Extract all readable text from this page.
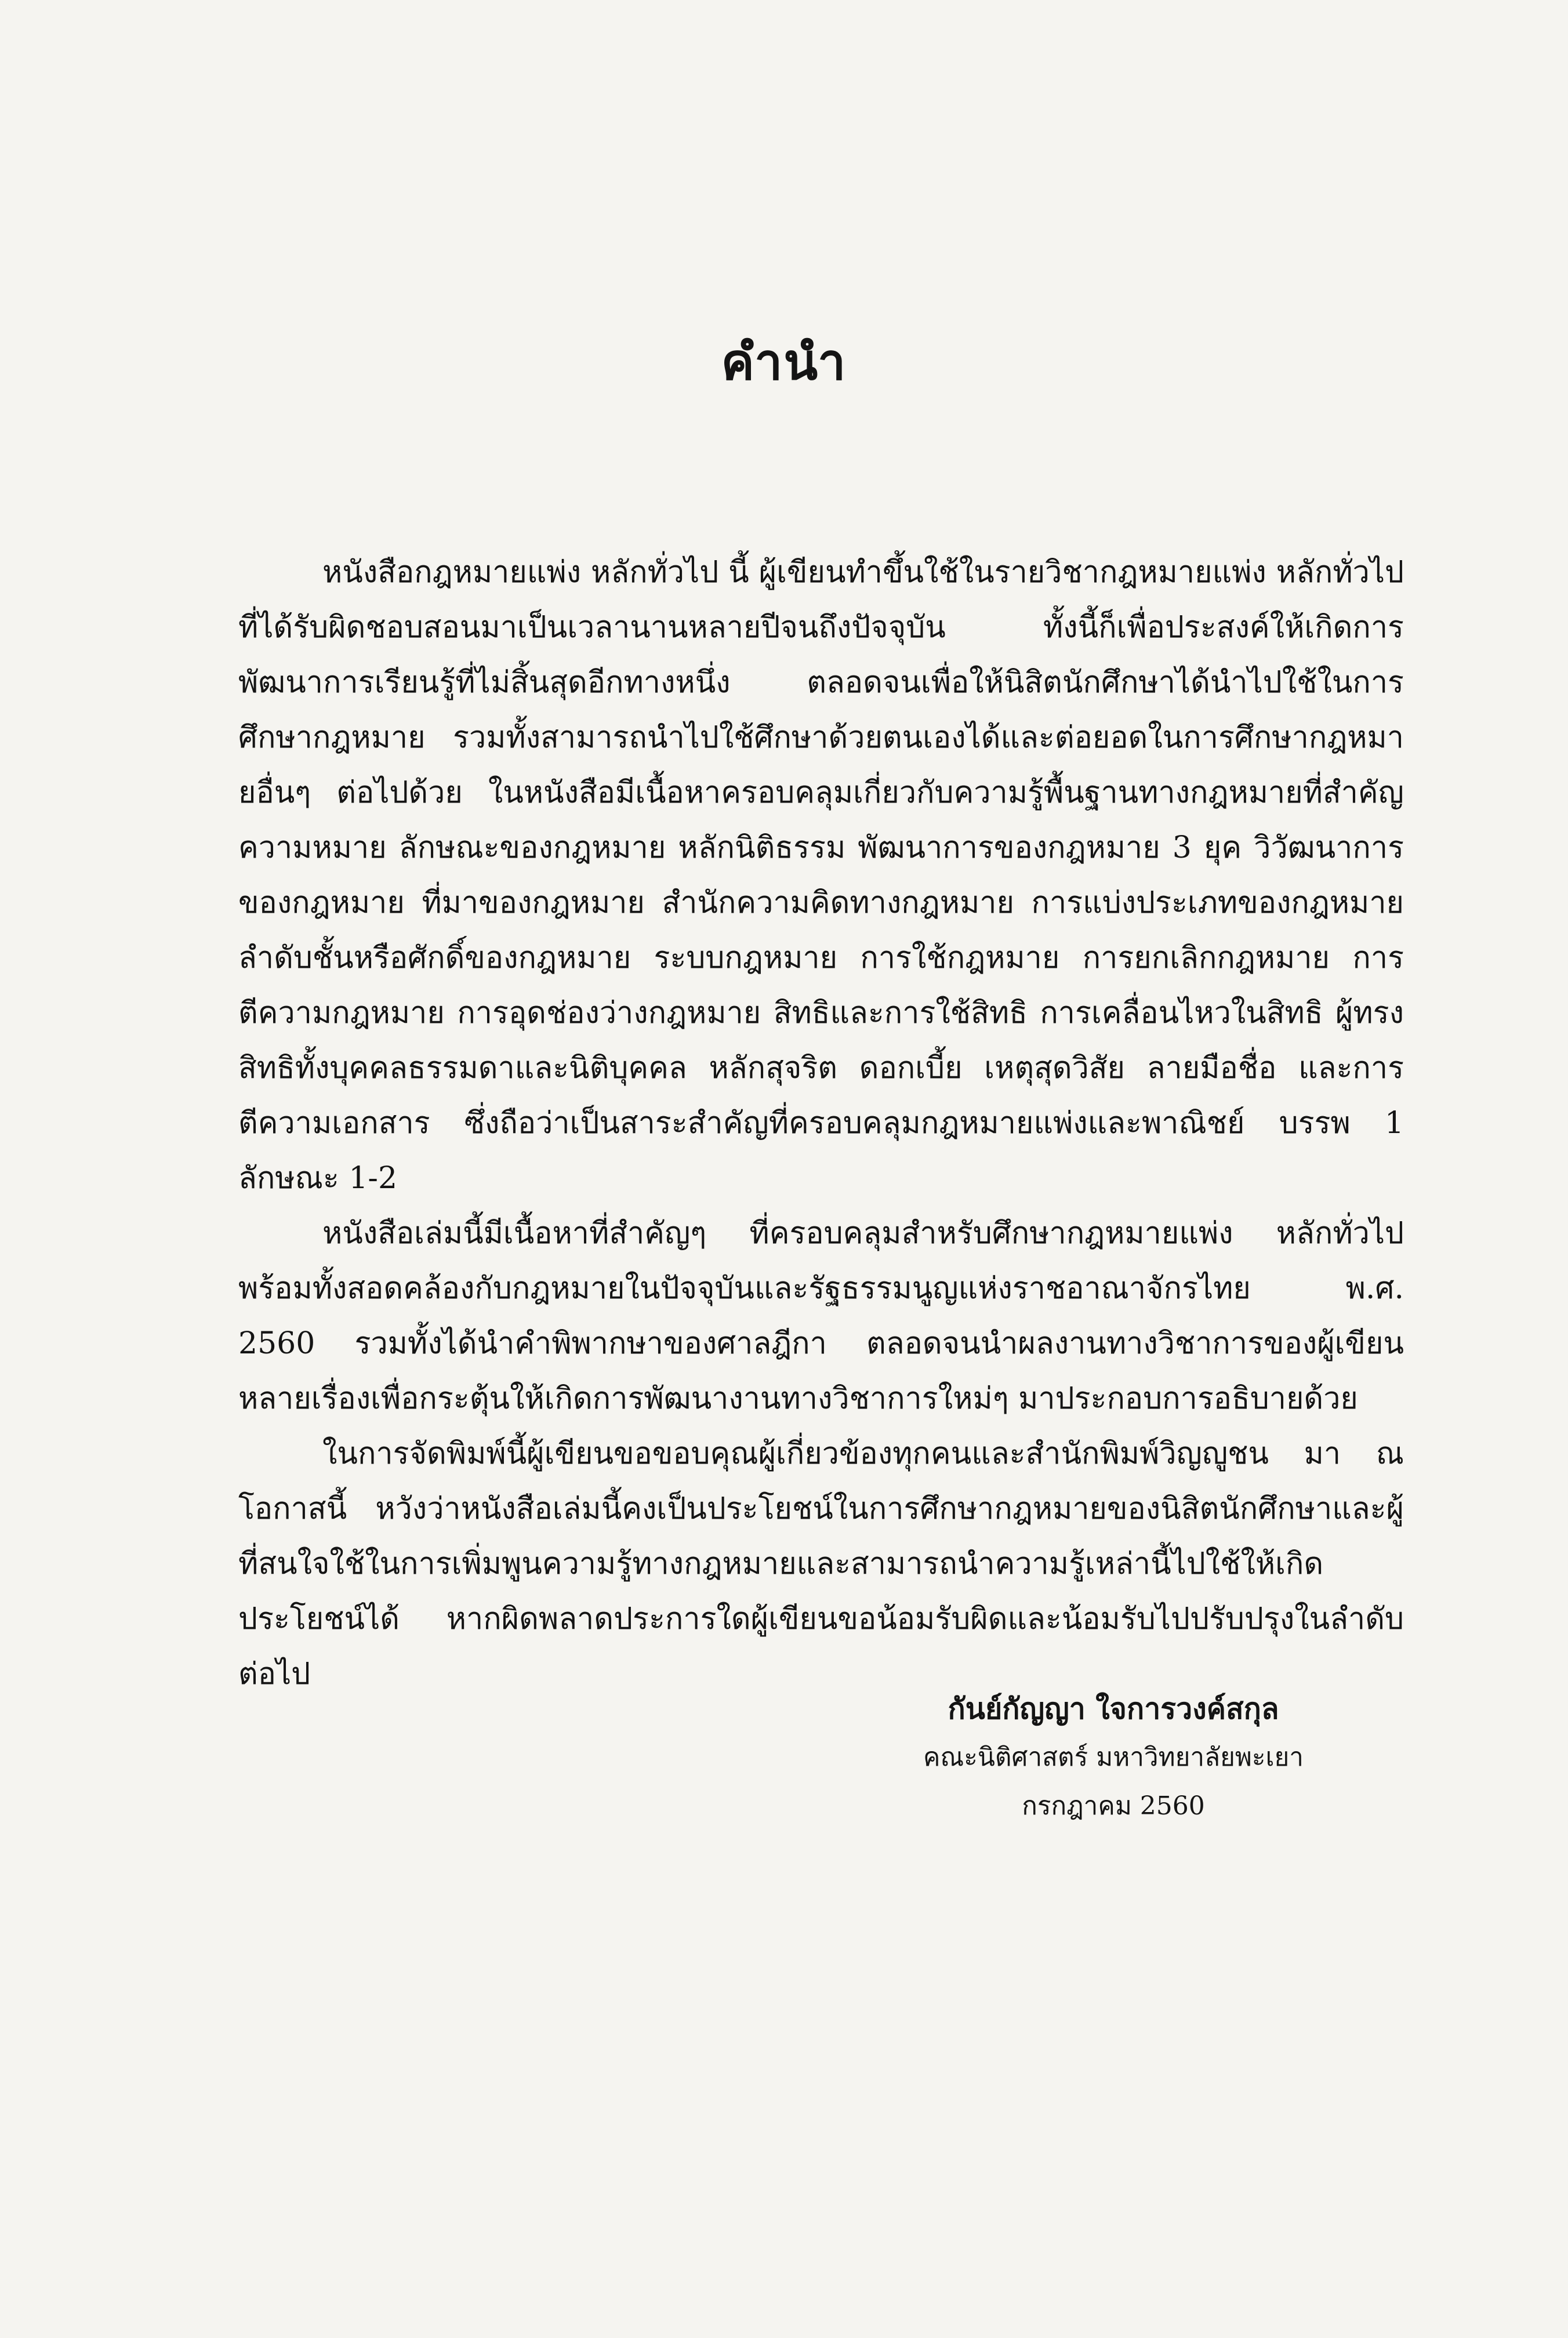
คำนำ

หนังสือกฎหมายแพ่ง หลักทั่วไป นี้ ผู้เขียนทำขึ้นใช้ในรายวิชากฎหมายแพ่ง หลักทั่วไป ที่ได้รับผิดชอบสอนมาเป็นเวลานานหลายปีจนถึงปัจจุบัน ทั้งนี้ก็เพื่อประสงค์ให้เกิดการพัฒนาการเรียนรู้ที่ไม่สิ้นสุดอีกทางหนึ่ง ตลอดจนเพื่อให้นิสิตนักศึกษาได้นำไปใช้ในการศึกษากฎหมาย รวมทั้งสามารถนำไปใช้ศึกษาด้วยตนเองได้และต่อยอดในการศึกษากฎหมายอื่นๆ ต่อไปด้วย ในหนังสือมีเนื้อหาครอบคลุมเกี่ยวกับความรู้พื้นฐานทางกฎหมายที่สำคัญ ความหมาย ลักษณะของกฎหมาย หลักนิติธรรม พัฒนาการของกฎหมาย 3 ยุค วิวัฒนาการของกฎหมาย ที่มาของกฎหมาย สำนักความคิดทางกฎหมาย การแบ่งประเภทของกฎหมาย ลำดับชั้นหรือศักดิ์ของกฎหมาย ระบบกฎหมาย การใช้กฎหมาย การยกเลิกกฎหมาย การตีความกฎหมาย การอุดช่องว่างกฎหมาย สิทธิและการใช้สิทธิ การเคลื่อนไหวในสิทธิ ผู้ทรงสิทธิทั้งบุคคลธรรมดาและนิติบุคคล หลักสุจริต ดอกเบี้ย เหตุสุดวิสัย ลายมือชื่อ และการตีความเอกสาร ซึ่งถือว่าเป็นสาระสำคัญที่ครอบคลุมกฎหมายแพ่งและพาณิชย์ บรรพ 1 ลักษณะ 1-2

หนังสือเล่มนี้มีเนื้อหาที่สำคัญๆ ที่ครอบคลุมสำหรับศึกษากฎหมายแพ่ง หลักทั่วไป พร้อมทั้งสอดคล้องกับกฎหมายในปัจจุบันและรัฐธรรมนูญแห่งราชอาณาจักรไทย พ.ศ. 2560 รวมทั้งได้นำคำพิพากษาของศาลฎีกา ตลอดจนนำผลงานทางวิชาการของผู้เขียนหลายเรื่องเพื่อกระตุ้นให้เกิดการพัฒนางานทางวิชาการใหม่ๆ มาประกอบการอธิบายด้วย

ในการจัดพิมพ์นี้ผู้เขียนขอขอบคุณผู้เกี่ยวข้องทุกคนและสำนักพิมพ์วิญญูชน มา ณ โอกาสนี้ หวังว่าหนังสือเล่มนี้คงเป็นประโยชน์ในการศึกษากฎหมายของนิสิตนักศึกษาและผู้ที่สนใจใช้ในการเพิ่มพูนความรู้ทางกฎหมายและสามารถนำความรู้เหล่านี้ไปใช้ให้เกิดประโยชน์ได้ หากผิดพลาดประการใดผู้เขียนขอน้อมรับผิดและน้อมรับไปปรับปรุงในลำดับต่อไป

กันย์กัญญา ใจการวงค์สกุล
คณะนิติศาสตร์ มหาวิทยาลัยพะเยา
กรกฎาคม 2560
